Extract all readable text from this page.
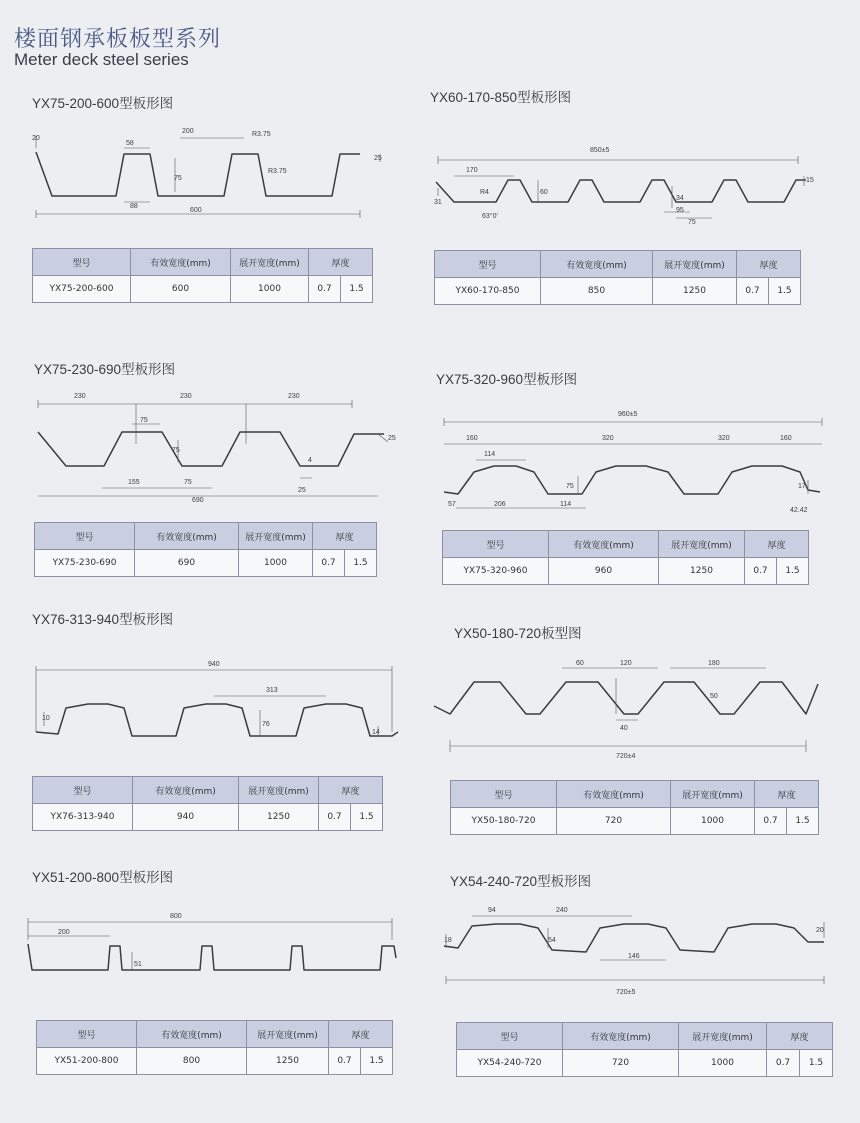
楼面钢承板板型系列
Meter deck steel series
YX75-200-600型板形图
20
58
200	R3.75
R3.75
75
88
600
25
型号	有效宽度(mm)	展开宽度(mm)	厚度	
YX75-200-600	600	1000	0.7	1.5
YX60-170-850型板形图
850±5
170
R4	60
31
63°0'
34
95
75
15
型号	有效宽度(mm)	展开宽度(mm)	厚度	
YX60-170-850	850	1250	0.7	1.5
YX75-230-690型板形图
230	230	230
75
75
155	75
690
4
25
25
型号	有效宽度(mm)	展开宽度(mm)	厚度	
YX75-230-690	690	1000	0.7	1.5
YX75-320-960型板形图
960±5
160	320	320	160
114
75
57	206	114
17
42.42
型号	有效宽度(mm)	展开宽度(mm)	厚度	
YX75-320-960	960	1250	0.7	1.5
YX76-313-940型板形图
940
313
10
76
14
型号	有效宽度(mm)	展开宽度(mm)	厚度	
YX76-313-940	940	1250	0.7	1.5
YX50-180-720板型图
60	120	180
50
40
720±4
型号	有效宽度(mm)	展开宽度(mm)	厚度	
YX50-180-720	720	1000	0.7	1.5
YX51-200-800型板形图
800
200
51
型号	有效宽度(mm)	展开宽度(mm)	厚度	
YX51-200-800	800	1250	0.7	1.5
YX54-240-720型板形图
94	240
54
146
18
20
720±5
型号	有效宽度(mm)	展开宽度(mm)	厚度	
YX54-240-720	720	1000	0.7	1.5
